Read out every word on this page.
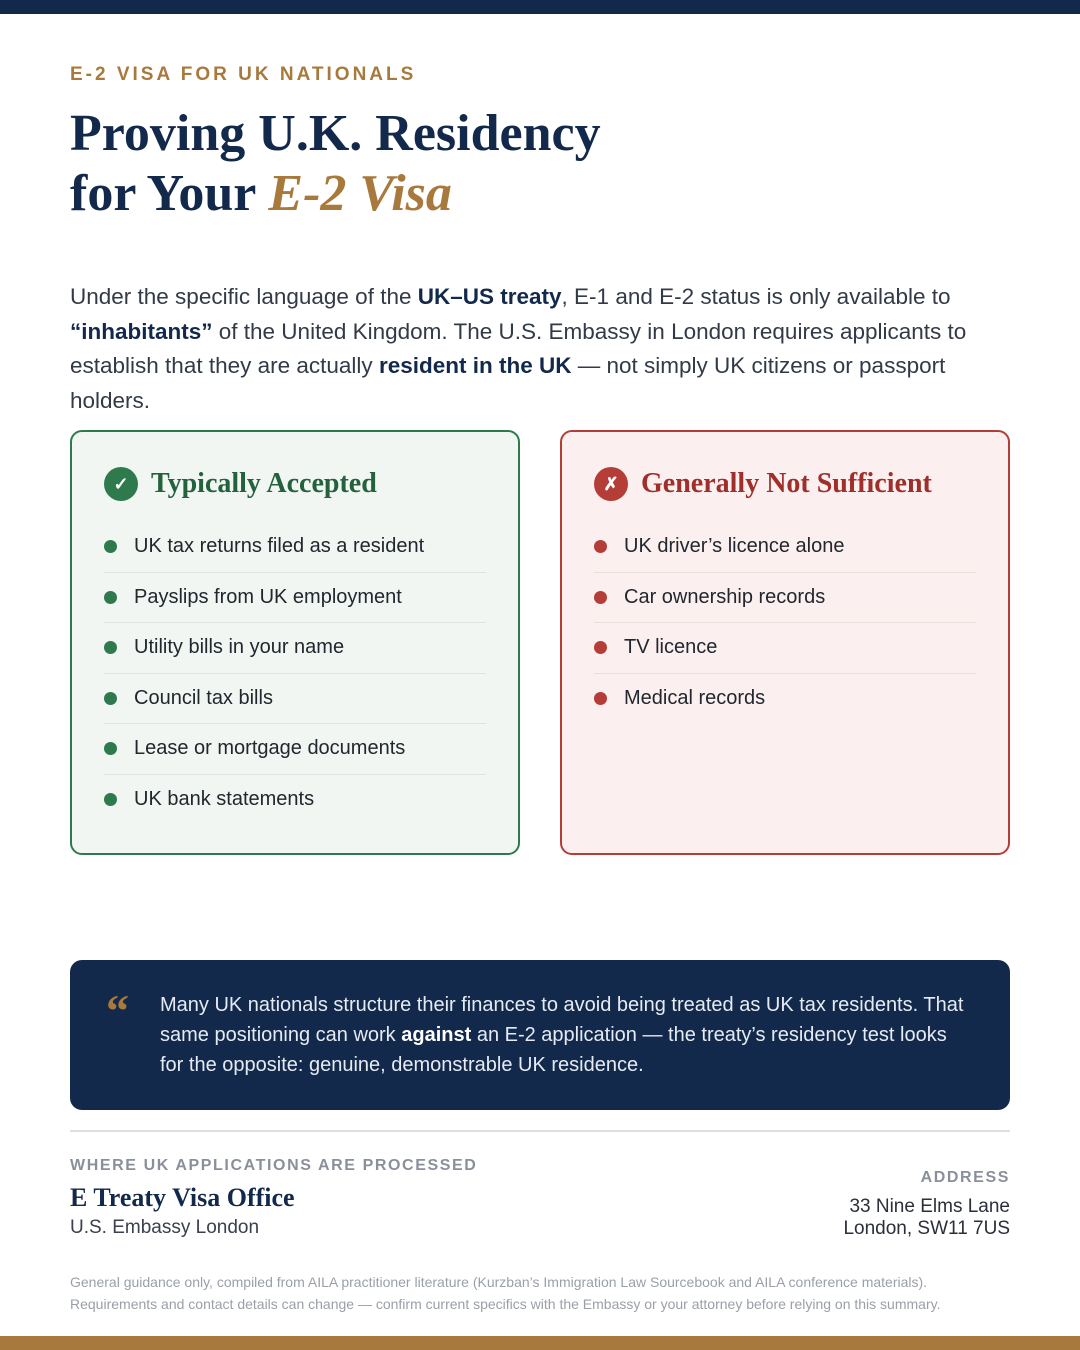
E-2 VISA FOR UK NATIONALS
Proving U.K. Residency
for Your E-2 Visa

Under the specific language of the UK–US treaty, E-1 and E-2 status is only available to “inhabitants” of the United Kingdom. The U.S. Embassy in London requires applicants to establish that they are actually resident in the UK — not simply UK citizens or passport holders.

✓ Typically Accepted
UK tax returns filed as a resident
Payslips from UK employment
Utility bills in your name
Council tax bills
Lease or mortgage documents
UK bank statements
✗ Generally Not Sufficient
UK driver’s licence alone
Car ownership records
TV licence
Medical records

Many UK nationals structure their finances to avoid being treated as UK tax residents. That same positioning can work against an E-2 application — the treaty’s residency test looks for the opposite: genuine, demonstrable UK residence.

“
WHERE UK APPLICATIONS ARE PROCESSED
E Treaty Visa Office
U.S. Embassy London
ADDRESS
33 Nine Elms Lane
London, SW11 7US
General guidance only, compiled from AILA practitioner literature (Kurzban’s Immigration Law Sourcebook and AILA conference materials).
Requirements and contact details can change — confirm current specifics with the Embassy or your attorney before relying on this summary.
